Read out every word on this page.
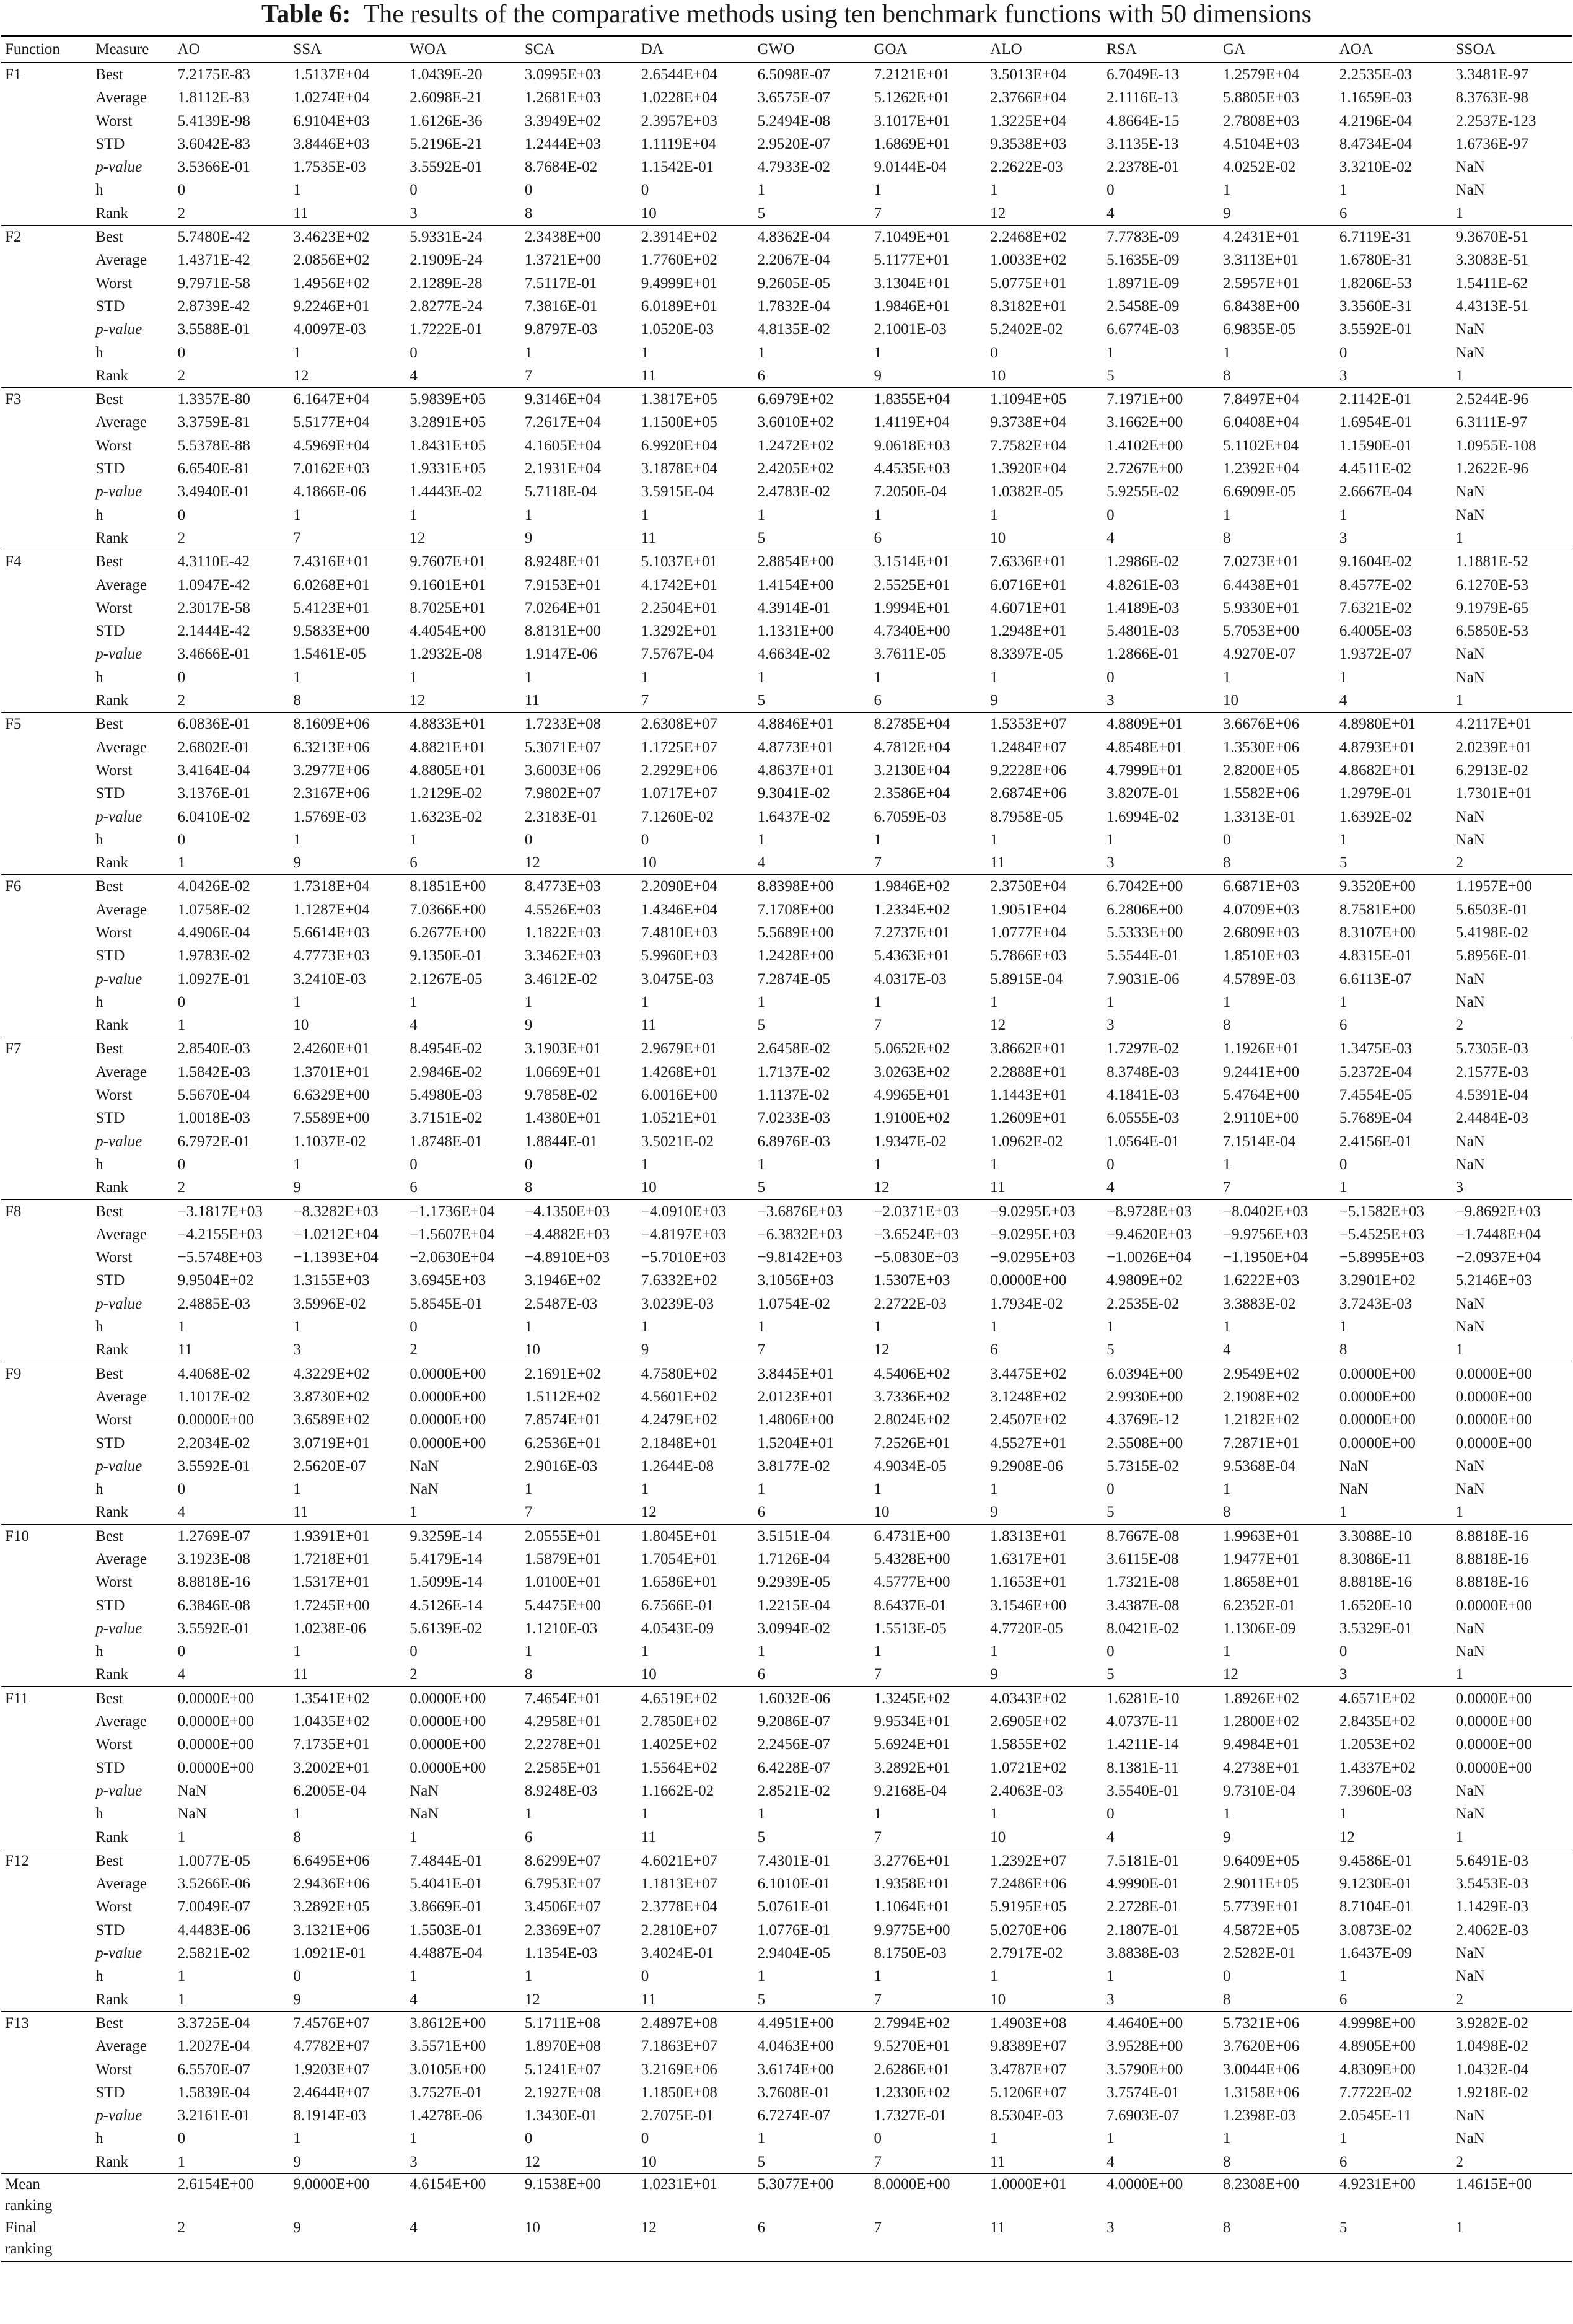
Table 6: The results of the comparative methods using ten benchmark functions with 50 dimensions
Function	Measure	AO	SSA	WOA	SCA	DA	GWO	GOA	ALO	RSA	GA	AOA	SSOA
F1	Best	7.2175E-83	1.5137E+04	1.0439E-20	3.0995E+03	2.6544E+04	6.5098E-07	7.2121E+01	3.5013E+04	6.7049E-13	1.2579E+04	2.2535E-03	3.3481E-97
	Average	1.8112E-83	1.0274E+04	2.6098E-21	1.2681E+03	1.0228E+04	3.6575E-07	5.1262E+01	2.3766E+04	2.1116E-13	5.8805E+03	1.1659E-03	8.3763E-98
	Worst	5.4139E-98	6.9104E+03	1.6126E-36	3.3949E+02	2.3957E+03	5.2494E-08	3.1017E+01	1.3225E+04	4.8664E-15	2.7808E+03	4.2196E-04	2.2537E-123
	STD	3.6042E-83	3.8446E+03	5.2196E-21	1.2444E+03	1.1119E+04	2.9520E-07	1.6869E+01	9.3538E+03	3.1135E-13	4.5104E+03	8.4734E-04	1.6736E-97
	p-value	3.5366E-01	1.7535E-03	3.5592E-01	8.7684E-02	1.1542E-01	4.7933E-02	9.0144E-04	2.2622E-03	2.2378E-01	4.0252E-02	3.3210E-02	NaN
	h	0	1	0	0	0	1	1	1	0	1	1	NaN
	Rank	2	11	3	8	10	5	7	12	4	9	6	1
F2	Best	5.7480E-42	3.4623E+02	5.9331E-24	2.3438E+00	2.3914E+02	4.8362E-04	7.1049E+01	2.2468E+02	7.7783E-09	4.2431E+01	6.7119E-31	9.3670E-51
	Average	1.4371E-42	2.0856E+02	2.1909E-24	1.3721E+00	1.7760E+02	2.2067E-04	5.1177E+01	1.0033E+02	5.1635E-09	3.3113E+01	1.6780E-31	3.3083E-51
	Worst	9.7971E-58	1.4956E+02	2.1289E-28	7.5117E-01	9.4999E+01	9.2605E-05	3.1304E+01	5.0775E+01	1.8971E-09	2.5957E+01	1.8206E-53	1.5411E-62
	STD	2.8739E-42	9.2246E+01	2.8277E-24	7.3816E-01	6.0189E+01	1.7832E-04	1.9846E+01	8.3182E+01	2.5458E-09	6.8438E+00	3.3560E-31	4.4313E-51
	p-value	3.5588E-01	4.0097E-03	1.7222E-01	9.8797E-03	1.0520E-03	4.8135E-02	2.1001E-03	5.2402E-02	6.6774E-03	6.9835E-05	3.5592E-01	NaN
	h	0	1	0	1	1	1	1	0	1	1	0	NaN
	Rank	2	12	4	7	11	6	9	10	5	8	3	1
F3	Best	1.3357E-80	6.1647E+04	5.9839E+05	9.3146E+04	1.3817E+05	6.6979E+02	1.8355E+04	1.1094E+05	7.1971E+00	7.8497E+04	2.1142E-01	2.5244E-96
	Average	3.3759E-81	5.5177E+04	3.2891E+05	7.2617E+04	1.1500E+05	3.6010E+02	1.4119E+04	9.3738E+04	3.1662E+00	6.0408E+04	1.6954E-01	6.3111E-97
	Worst	5.5378E-88	4.5969E+04	1.8431E+05	4.1605E+04	6.9920E+04	1.2472E+02	9.0618E+03	7.7582E+04	1.4102E+00	5.1102E+04	1.1590E-01	1.0955E-108
	STD	6.6540E-81	7.0162E+03	1.9331E+05	2.1931E+04	3.1878E+04	2.4205E+02	4.4535E+03	1.3920E+04	2.7267E+00	1.2392E+04	4.4511E-02	1.2622E-96
	p-value	3.4940E-01	4.1866E-06	1.4443E-02	5.7118E-04	3.5915E-04	2.4783E-02	7.2050E-04	1.0382E-05	5.9255E-02	6.6909E-05	2.6667E-04	NaN
	h	0	1	1	1	1	1	1	1	0	1	1	NaN
	Rank	2	7	12	9	11	5	6	10	4	8	3	1
F4	Best	4.3110E-42	7.4316E+01	9.7607E+01	8.9248E+01	5.1037E+01	2.8854E+00	3.1514E+01	7.6336E+01	1.2986E-02	7.0273E+01	9.1604E-02	1.1881E-52
	Average	1.0947E-42	6.0268E+01	9.1601E+01	7.9153E+01	4.1742E+01	1.4154E+00	2.5525E+01	6.0716E+01	4.8261E-03	6.4438E+01	8.4577E-02	6.1270E-53
	Worst	2.3017E-58	5.4123E+01	8.7025E+01	7.0264E+01	2.2504E+01	4.3914E-01	1.9994E+01	4.6071E+01	1.4189E-03	5.9330E+01	7.6321E-02	9.1979E-65
	STD	2.1444E-42	9.5833E+00	4.4054E+00	8.8131E+00	1.3292E+01	1.1331E+00	4.7340E+00	1.2948E+01	5.4801E-03	5.7053E+00	6.4005E-03	6.5850E-53
	p-value	3.4666E-01	1.5461E-05	1.2932E-08	1.9147E-06	7.5767E-04	4.6634E-02	3.7611E-05	8.3397E-05	1.2866E-01	4.9270E-07	1.9372E-07	NaN
	h	0	1	1	1	1	1	1	1	0	1	1	NaN
	Rank	2	8	12	11	7	5	6	9	3	10	4	1
F5	Best	6.0836E-01	8.1609E+06	4.8833E+01	1.7233E+08	2.6308E+07	4.8846E+01	8.2785E+04	1.5353E+07	4.8809E+01	3.6676E+06	4.8980E+01	4.2117E+01
	Average	2.6802E-01	6.3213E+06	4.8821E+01	5.3071E+07	1.1725E+07	4.8773E+01	4.7812E+04	1.2484E+07	4.8548E+01	1.3530E+06	4.8793E+01	2.0239E+01
	Worst	3.4164E-04	3.2977E+06	4.8805E+01	3.6003E+06	2.2929E+06	4.8637E+01	3.2130E+04	9.2228E+06	4.7999E+01	2.8200E+05	4.8682E+01	6.2913E-02
	STD	3.1376E-01	2.3167E+06	1.2129E-02	7.9802E+07	1.0717E+07	9.3041E-02	2.3586E+04	2.6874E+06	3.8207E-01	1.5582E+06	1.2979E-01	1.7301E+01
	p-value	6.0410E-02	1.5769E-03	1.6323E-02	2.3183E-01	7.1260E-02	1.6437E-02	6.7059E-03	8.7958E-05	1.6994E-02	1.3313E-01	1.6392E-02	NaN
	h	0	1	1	0	0	1	1	1	1	0	1	NaN
	Rank	1	9	6	12	10	4	7	11	3	8	5	2
F6	Best	4.0426E-02	1.7318E+04	8.1851E+00	8.4773E+03	2.2090E+04	8.8398E+00	1.9846E+02	2.3750E+04	6.7042E+00	6.6871E+03	9.3520E+00	1.1957E+00
	Average	1.0758E-02	1.1287E+04	7.0366E+00	4.5526E+03	1.4346E+04	7.1708E+00	1.2334E+02	1.9051E+04	6.2806E+00	4.0709E+03	8.7581E+00	5.6503E-01
	Worst	4.4906E-04	5.6614E+03	6.2677E+00	1.1822E+03	7.4810E+03	5.5689E+00	7.2737E+01	1.0777E+04	5.5333E+00	2.6809E+03	8.3107E+00	5.4198E-02
	STD	1.9783E-02	4.7773E+03	9.1350E-01	3.3462E+03	5.9960E+03	1.2428E+00	5.4363E+01	5.7866E+03	5.5544E-01	1.8510E+03	4.8315E-01	5.8956E-01
	p-value	1.0927E-01	3.2410E-03	2.1267E-05	3.4612E-02	3.0475E-03	7.2874E-05	4.0317E-03	5.8915E-04	7.9031E-06	4.5789E-03	6.6113E-07	NaN
	h	0	1	1	1	1	1	1	1	1	1	1	NaN
	Rank	1	10	4	9	11	5	7	12	3	8	6	2
F7	Best	2.8540E-03	2.4260E+01	8.4954E-02	3.1903E+01	2.9679E+01	2.6458E-02	5.0652E+02	3.8662E+01	1.7297E-02	1.1926E+01	1.3475E-03	5.7305E-03
	Average	1.5842E-03	1.3701E+01	2.9846E-02	1.0669E+01	1.4268E+01	1.7137E-02	3.0263E+02	2.2888E+01	8.3748E-03	9.2441E+00	5.2372E-04	2.1577E-03
	Worst	5.5670E-04	6.6329E+00	5.4980E-03	9.7858E-02	6.0016E+00	1.1137E-02	4.9965E+01	1.1443E+01	4.1841E-03	5.4764E+00	7.4554E-05	4.5391E-04
	STD	1.0018E-03	7.5589E+00	3.7151E-02	1.4380E+01	1.0521E+01	7.0233E-03	1.9100E+02	1.2609E+01	6.0555E-03	2.9110E+00	5.7689E-04	2.4484E-03
	p-value	6.7972E-01	1.1037E-02	1.8748E-01	1.8844E-01	3.5021E-02	6.8976E-03	1.9347E-02	1.0962E-02	1.0564E-01	7.1514E-04	2.4156E-01	NaN
	h	0	1	0	0	1	1	1	1	0	1	0	NaN
	Rank	2	9	6	8	10	5	12	11	4	7	1	3
F8	Best	−3.1817E+03	−8.3282E+03	−1.1736E+04	−4.1350E+03	−4.0910E+03	−3.6876E+03	−2.0371E+03	−9.0295E+03	−8.9728E+03	−8.0402E+03	−5.1582E+03	−9.8692E+03
	Average	−4.2155E+03	−1.0212E+04	−1.5607E+04	−4.4882E+03	−4.8197E+03	−6.3832E+03	−3.6524E+03	−9.0295E+03	−9.4620E+03	−9.9756E+03	−5.4525E+03	−1.7448E+04
	Worst	−5.5748E+03	−1.1393E+04	−2.0630E+04	−4.8910E+03	−5.7010E+03	−9.8142E+03	−5.0830E+03	−9.0295E+03	−1.0026E+04	−1.1950E+04	−5.8995E+03	−2.0937E+04
	STD	9.9504E+02	1.3155E+03	3.6945E+03	3.1946E+02	7.6332E+02	3.1056E+03	1.5307E+03	0.0000E+00	4.9809E+02	1.6222E+03	3.2901E+02	5.2146E+03
	p-value	2.4885E-03	3.5996E-02	5.8545E-01	2.5487E-03	3.0239E-03	1.0754E-02	2.2722E-03	1.7934E-02	2.2535E-02	3.3883E-02	3.7243E-03	NaN
	h	1	1	0	1	1	1	1	1	1	1	1	NaN
	Rank	11	3	2	10	9	7	12	6	5	4	8	1
F9	Best	4.4068E-02	4.3229E+02	0.0000E+00	2.1691E+02	4.7580E+02	3.8445E+01	4.5406E+02	3.4475E+02	6.0394E+00	2.9549E+02	0.0000E+00	0.0000E+00
	Average	1.1017E-02	3.8730E+02	0.0000E+00	1.5112E+02	4.5601E+02	2.0123E+01	3.7336E+02	3.1248E+02	2.9930E+00	2.1908E+02	0.0000E+00	0.0000E+00
	Worst	0.0000E+00	3.6589E+02	0.0000E+00	7.8574E+01	4.2479E+02	1.4806E+00	2.8024E+02	2.4507E+02	4.3769E-12	1.2182E+02	0.0000E+00	0.0000E+00
	STD	2.2034E-02	3.0719E+01	0.0000E+00	6.2536E+01	2.1848E+01	1.5204E+01	7.2526E+01	4.5527E+01	2.5508E+00	7.2871E+01	0.0000E+00	0.0000E+00
	p-value	3.5592E-01	2.5620E-07	NaN	2.9016E-03	1.2644E-08	3.8177E-02	4.9034E-05	9.2908E-06	5.7315E-02	9.5368E-04	NaN	NaN
	h	0	1	NaN	1	1	1	1	1	0	1	NaN	NaN
	Rank	4	11	1	7	12	6	10	9	5	8	1	1
F10	Best	1.2769E-07	1.9391E+01	9.3259E-14	2.0555E+01	1.8045E+01	3.5151E-04	6.4731E+00	1.8313E+01	8.7667E-08	1.9963E+01	3.3088E-10	8.8818E-16
	Average	3.1923E-08	1.7218E+01	5.4179E-14	1.5879E+01	1.7054E+01	1.7126E-04	5.4328E+00	1.6317E+01	3.6115E-08	1.9477E+01	8.3086E-11	8.8818E-16
	Worst	8.8818E-16	1.5317E+01	1.5099E-14	1.0100E+01	1.6586E+01	9.2939E-05	4.5777E+00	1.1653E+01	1.7321E-08	1.8658E+01	8.8818E-16	8.8818E-16
	STD	6.3846E-08	1.7245E+00	4.5126E-14	5.4475E+00	6.7566E-01	1.2215E-04	8.6437E-01	3.1546E+00	3.4387E-08	6.2352E-01	1.6520E-10	0.0000E+00
	p-value	3.5592E-01	1.0238E-06	5.6139E-02	1.1210E-03	4.0543E-09	3.0994E-02	1.5513E-05	4.7720E-05	8.0421E-02	1.1306E-09	3.5329E-01	NaN
	h	0	1	0	1	1	1	1	1	0	1	0	NaN
	Rank	4	11	2	8	10	6	7	9	5	12	3	1
F11	Best	0.0000E+00	1.3541E+02	0.0000E+00	7.4654E+01	4.6519E+02	1.6032E-06	1.3245E+02	4.0343E+02	1.6281E-10	1.8926E+02	4.6571E+02	0.0000E+00
	Average	0.0000E+00	1.0435E+02	0.0000E+00	4.2958E+01	2.7850E+02	9.2086E-07	9.9534E+01	2.6905E+02	4.0737E-11	1.2800E+02	2.8435E+02	0.0000E+00
	Worst	0.0000E+00	7.1735E+01	0.0000E+00	2.2278E+01	1.4025E+02	2.2456E-07	5.6924E+01	1.5855E+02	1.4211E-14	9.4984E+01	1.2053E+02	0.0000E+00
	STD	0.0000E+00	3.2002E+01	0.0000E+00	2.2585E+01	1.5564E+02	6.4228E-07	3.2892E+01	1.0721E+02	8.1381E-11	4.2738E+01	1.4337E+02	0.0000E+00
	p-value	NaN	6.2005E-04	NaN	8.9248E-03	1.1662E-02	2.8521E-02	9.2168E-04	2.4063E-03	3.5540E-01	9.7310E-04	7.3960E-03	NaN
	h	NaN	1	NaN	1	1	1	1	1	0	1	1	NaN
	Rank	1	8	1	6	11	5	7	10	4	9	12	1
F12	Best	1.0077E-05	6.6495E+06	7.4844E-01	8.6299E+07	4.6021E+07	7.4301E-01	3.2776E+01	1.2392E+07	7.5181E-01	9.6409E+05	9.4586E-01	5.6491E-03
	Average	3.5266E-06	2.9436E+06	5.4041E-01	6.7953E+07	1.1813E+07	6.1010E-01	1.9358E+01	7.2486E+06	4.9990E-01	2.9011E+05	9.1230E-01	3.5453E-03
	Worst	7.0049E-07	3.2892E+05	3.8669E-01	3.4506E+07	2.3778E+04	5.0761E-01	1.1064E+01	5.9195E+05	2.2728E-01	5.7739E+01	8.7104E-01	1.1429E-03
	STD	4.4483E-06	3.1321E+06	1.5503E-01	2.3369E+07	2.2810E+07	1.0776E-01	9.9775E+00	5.0270E+06	2.1807E-01	4.5872E+05	3.0873E-02	2.4062E-03
	p-value	2.5821E-02	1.0921E-01	4.4887E-04	1.1354E-03	3.4024E-01	2.9404E-05	8.1750E-03	2.7917E-02	3.8838E-03	2.5282E-01	1.6437E-09	NaN
	h	1	0	1	1	0	1	1	1	1	0	1	NaN
	Rank	1	9	4	12	11	5	7	10	3	8	6	2
F13	Best	3.3725E-04	7.4576E+07	3.8612E+00	5.1711E+08	2.4897E+08	4.4951E+00	2.7994E+02	1.4903E+08	4.4640E+00	5.7321E+06	4.9998E+00	3.9282E-02
	Average	1.2027E-04	4.7782E+07	3.5571E+00	1.8970E+08	7.1863E+07	4.0463E+00	9.5270E+01	9.8389E+07	3.9528E+00	3.7620E+06	4.8905E+00	1.0498E-02
	Worst	6.5570E-07	1.9203E+07	3.0105E+00	5.1241E+07	3.2169E+06	3.6174E+00	2.6286E+01	3.4787E+07	3.5790E+00	3.0044E+06	4.8309E+00	1.0432E-04
	STD	1.5839E-04	2.4644E+07	3.7527E-01	2.1927E+08	1.1850E+08	3.7608E-01	1.2330E+02	5.1206E+07	3.7574E-01	1.3158E+06	7.7722E-02	1.9218E-02
	p-value	3.2161E-01	8.1914E-03	1.4278E-06	1.3430E-01	2.7075E-01	6.7274E-07	1.7327E-01	8.5304E-03	7.6903E-07	1.2398E-03	2.0545E-11	NaN
	h	0	1	1	0	0	1	0	1	1	1	1	NaN
	Rank	1	9	3	12	10	5	7	11	4	8	6	2
Mean
ranking		2.6154E+00	9.0000E+00	4.6154E+00	9.1538E+00	1.0231E+01	5.3077E+00	8.0000E+00	1.0000E+01	4.0000E+00	8.2308E+00	4.9231E+00	1.4615E+00
Final
ranking		2	9	4	10	12	6	7	11	3	8	5	1
